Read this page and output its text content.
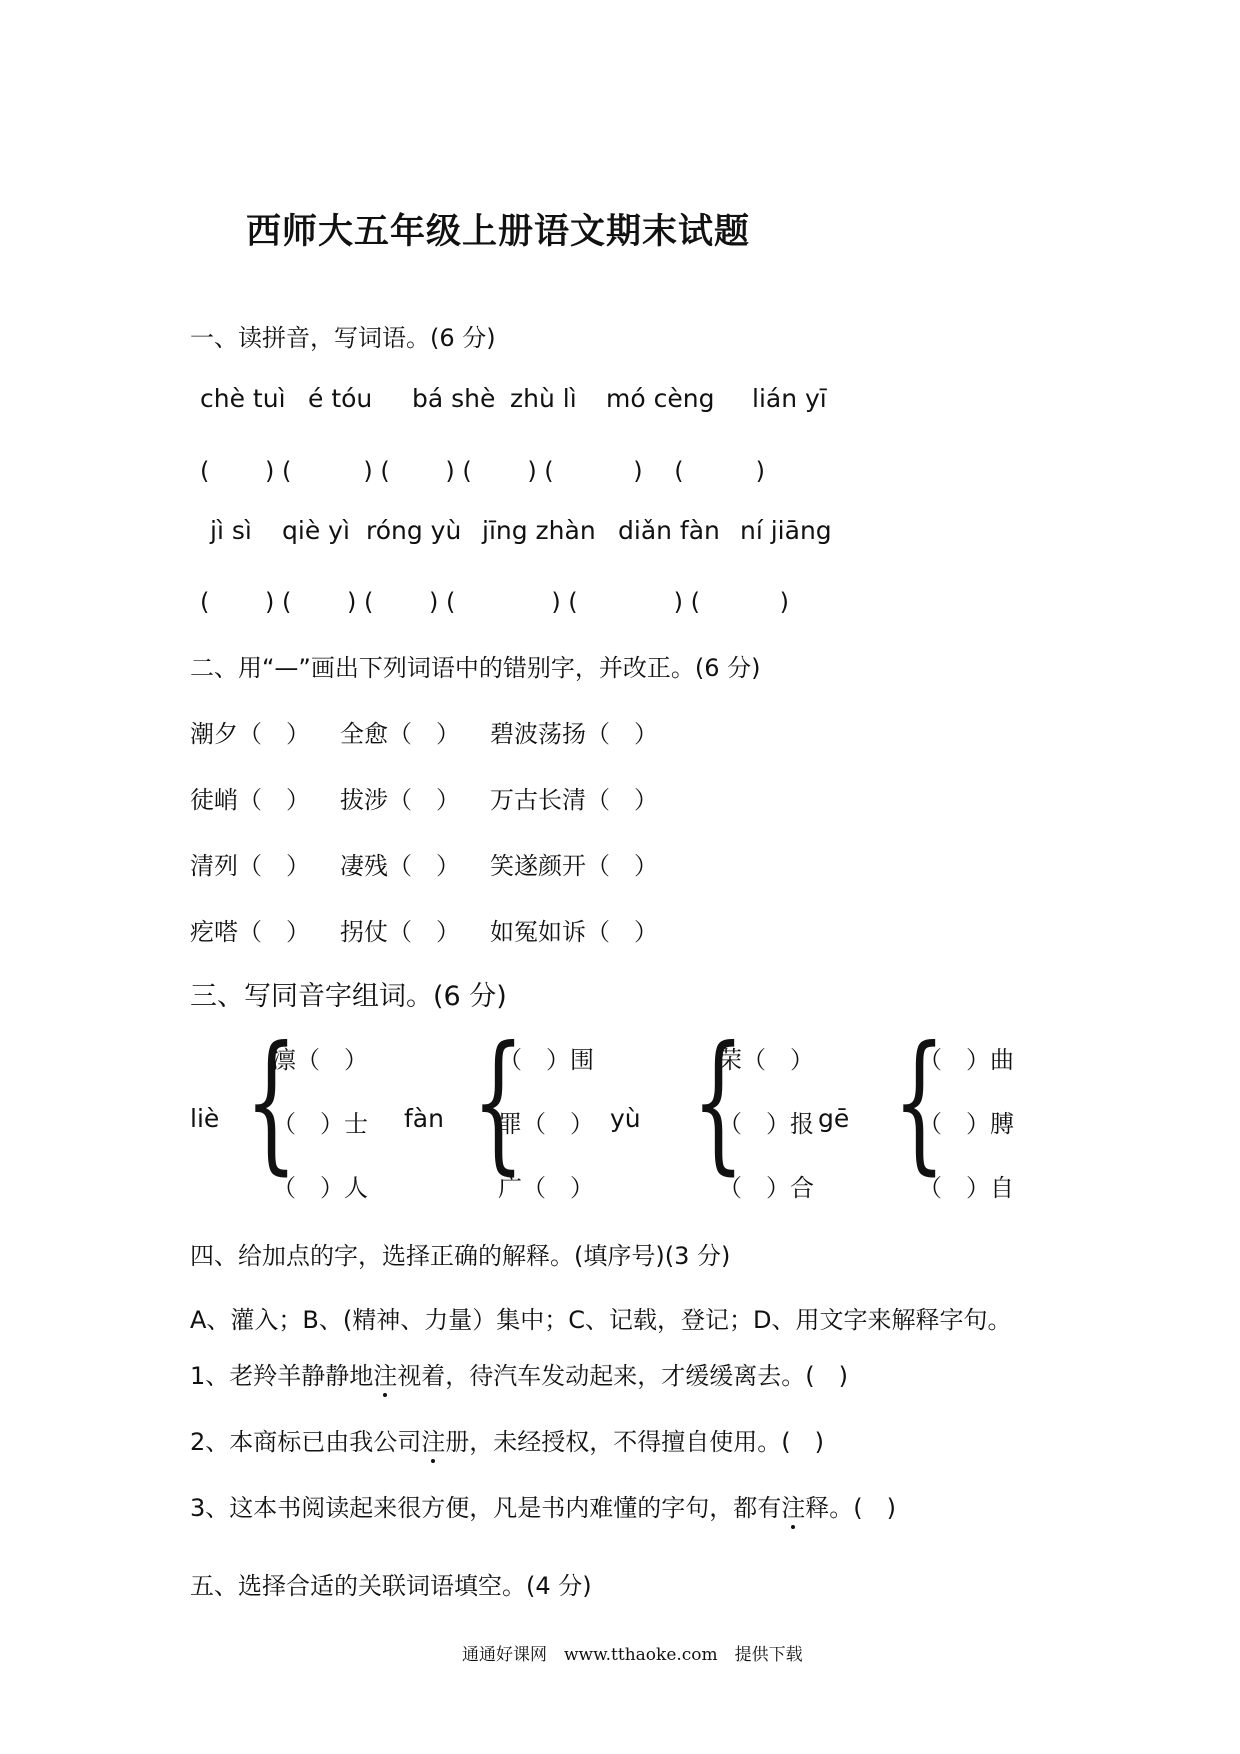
西师大五年级上册语文期末试题
一、读拼音，写词语。(6 分)
chè tuì é tóu bá shè zhù lì mó cèng lián yī
(　　 ) (　　　) (　　 ) (　　 ) (　　　 )　 (　　　)
jì sì qiè yì róng yù jīng zhàn diǎn fàn ní jiāng
(　　 ) (　　 ) (　　 ) (　　　　) (　　　　) (　　　 )
二、用“—”画出下列词语中的错别字，并改正。(6 分)
潮夕（　） 全愈（　） 碧波荡扬（　）
徒峭（　） 拔涉（　） 万古长清（　）
清列（　） 凄残（　） 笑遂颜开（　）
疙嗒（　） 拐仗（　） 如冤如诉（　）
三、写同音字组词。(6 分)
liè {
凛（　）
（　）士
（　）人
fàn {
（　）围
罪（　）
广（　）
yù {
荣（　）
（　）报
（　）合
gē {
（　）曲
（　）膊
（　）自
四、给加点的字，选择正确的解释。(填序号)(3 分)
A、灌入；B、(精神、力量）集中；C、记载，登记；D、用文字来解释字句。
1、老羚羊静静地注视着，待汽车发动起来，才缓缓离去。(　)
2、本商标已由我公司注册，未经授权，不得擅自使用。(　)
3、这本书阅读起来很方便，凡是书内难懂的字句，都有注释。(　)
五、选择合适的关联词语填空。(4 分)
通通好课网　www.tthaoke.com　提供下载
